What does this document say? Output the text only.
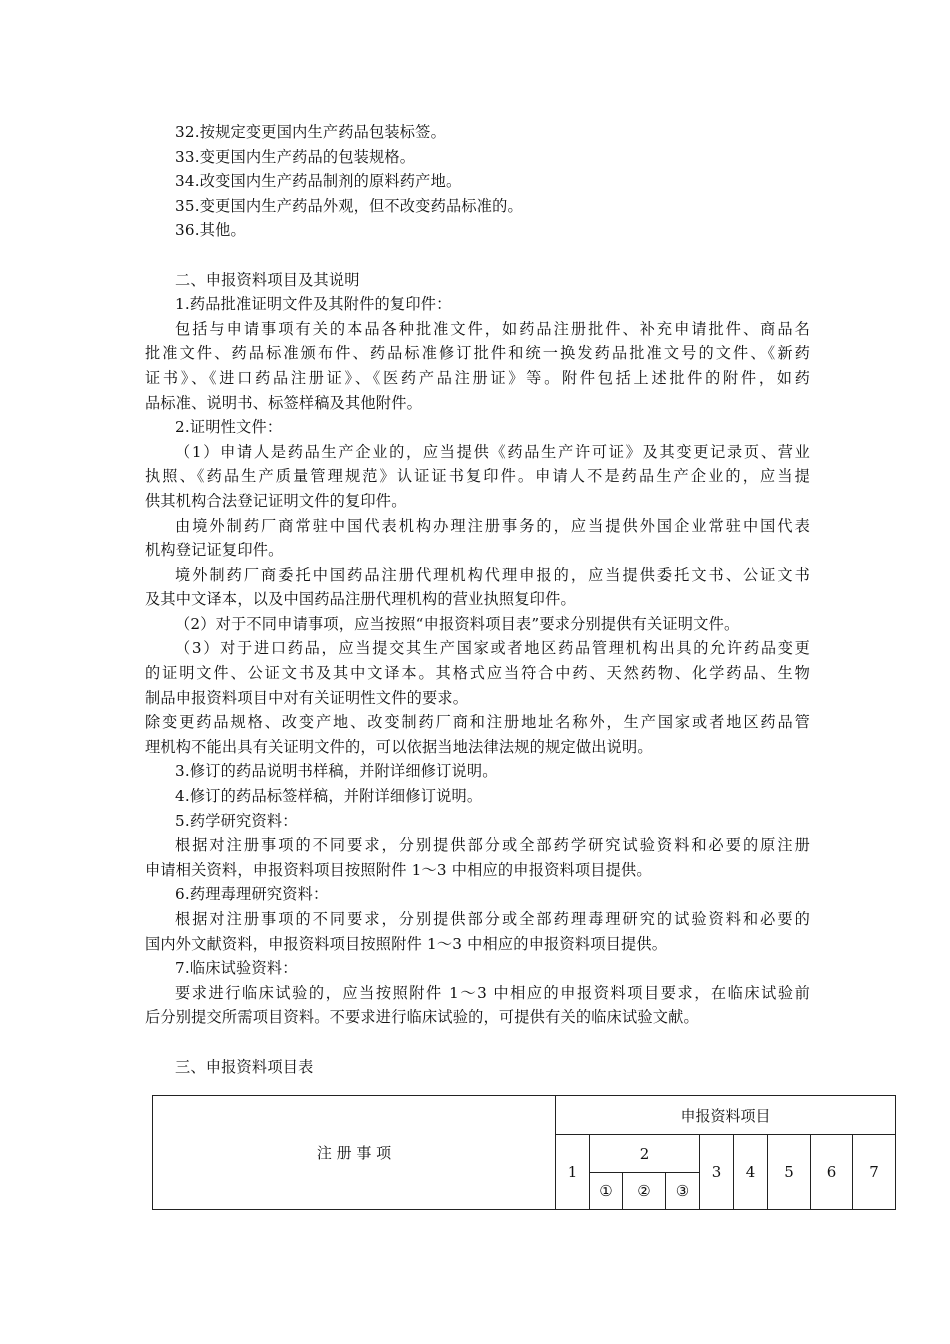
32.按规定变更国内生产药品包装标签。
33.变更国内生产药品的包装规格。
34.改变国内生产药品制剂的原料药产地。
35.变更国内生产药品外观，但不改变药品标准的。
36.其他。
二、申报资料项目及其说明
1.药品批准证明文件及其附件的复印件：
包括与申请事项有关的本品各种批准文件，如药品注册批件、补充申请批件、商品名
批准文件、药品标准颁布件、药品标准修订批件和统一换发药品批准文号的文件、《新药
证书》、《进口药品注册证》、《医药产品注册证》等。附件包括上述批件的附件，如药
品标准、说明书、标签样稿及其他附件。
2.证明性文件：
（1）申请人是药品生产企业的，应当提供《药品生产许可证》及其变更记录页、营业
执照、《药品生产质量管理规范》认证证书复印件。申请人不是药品生产企业的，应当提
供其机构合法登记证明文件的复印件。
由境外制药厂商常驻中国代表机构办理注册事务的，应当提供外国企业常驻中国代表
机构登记证复印件。
境外制药厂商委托中国药品注册代理机构代理申报的，应当提供委托文书、公证文书
及其中文译本，以及中国药品注册代理机构的营业执照复印件。
（2）对于不同申请事项，应当按照“申报资料项目表”要求分别提供有关证明文件。
（3）对于进口药品，应当提交其生产国家或者地区药品管理机构出具的允许药品变更
的证明文件、公证文书及其中文译本。其格式应当符合中药、天然药物、化学药品、生物
制品申报资料项目中对有关证明性文件的要求。
除变更药品规格、改变产地、改变制药厂商和注册地址名称外，生产国家或者地区药品管
理机构不能出具有关证明文件的，可以依据当地法律法规的规定做出说明。
3.修订的药品说明书样稿，并附详细修订说明。
4.修订的药品标签样稿，并附详细修订说明。
5.药学研究资料：
根据对注册事项的不同要求，分别提供部分或全部药学研究试验资料和必要的原注册
申请相关资料，申报资料项目按照附件 1～3 中相应的申报资料项目提供。
6.药理毒理研究资料：
根据对注册事项的不同要求，分别提供部分或全部药理毒理研究的试验资料和必要的
国内外文献资料，申报资料项目按照附件 1～3 中相应的申报资料项目提供。
7.临床试验资料：
要求进行临床试验的，应当按照附件 1～3 中相应的申报资料项目要求，在临床试验前
后分别提交所需项目资料。不要求进行临床试验的，可提供有关的临床试验文献。
三、申报资料项目表
注 册 事 项	申报资料项目								
	1	2			3	4	5	6	7
		①	②	③					
